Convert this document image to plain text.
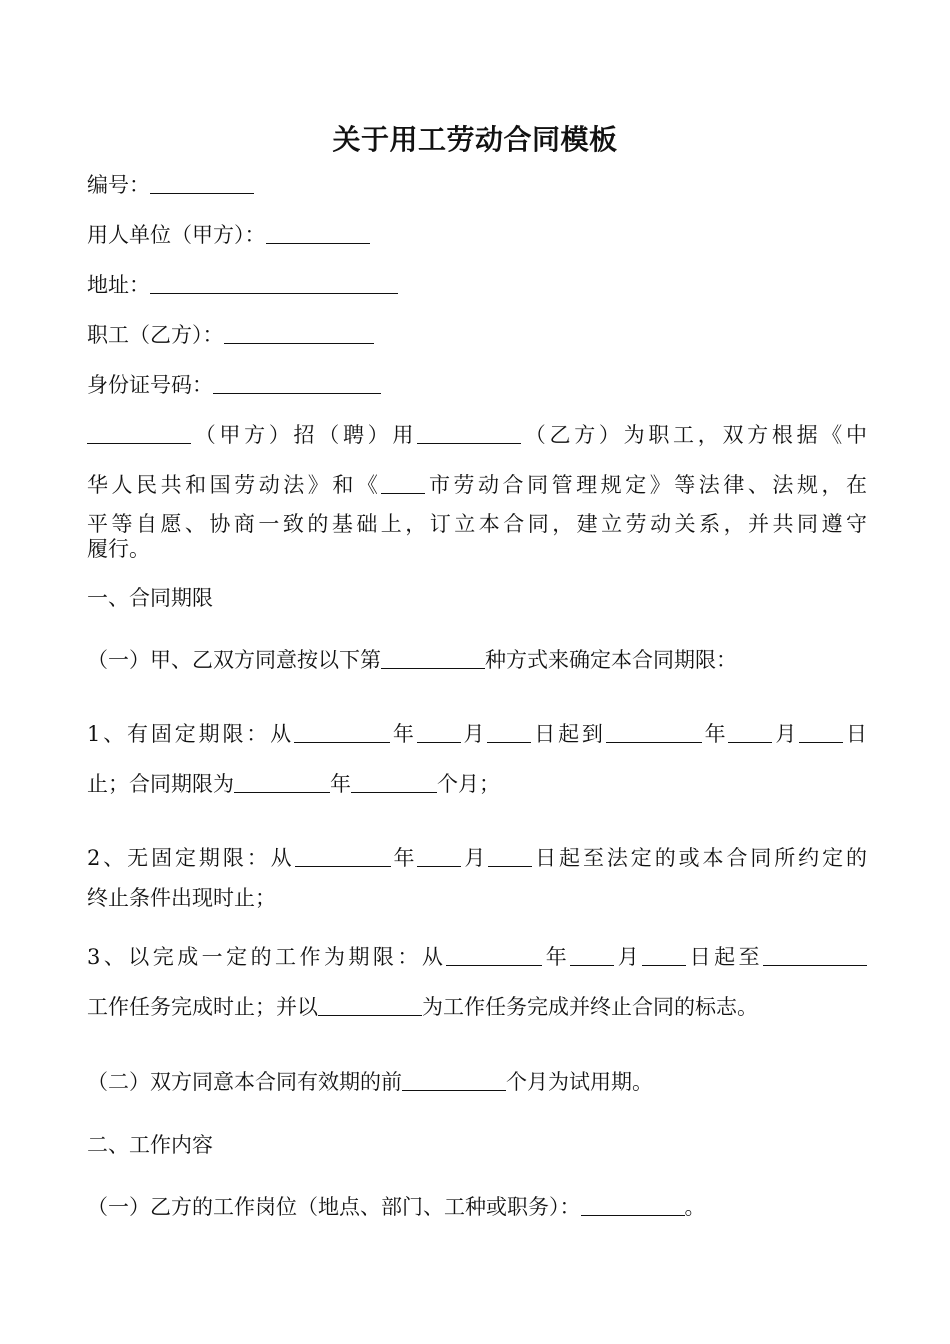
关于用工劳动合同模板
编号：
用人单位（甲方）：
地址：
职工（乙方）：
身份证号码：
（甲方）招（聘）用	（乙方）为职工，双方根据《中
华人民共和国劳动法》和《 市劳动合同管理规定》等法律、法规，在
平等自愿、协商一致的基础上，订立本合同，建立劳动关系，并共同遵守
履行。
一、合同期限
（一）甲、乙双方同意按以下第	种方式来确定本合同期限：
1、有固定期限：从	年 月 日起到	年 月 日
止；合同期限为	年	个月；
2、无固定期限：从	年 月 日起至法定的或本合同所约定的
终止条件出现时止；
3、以完成一定的工作为期限：从	年 月 日起至
工作任务完成时止；并以	为工作任务完成并终止合同的标志。
（二）双方同意本合同有效期的前	个月为试用期。
二、工作内容
（一）乙方的工作岗位（地点、部门、工种或职务）：	。
